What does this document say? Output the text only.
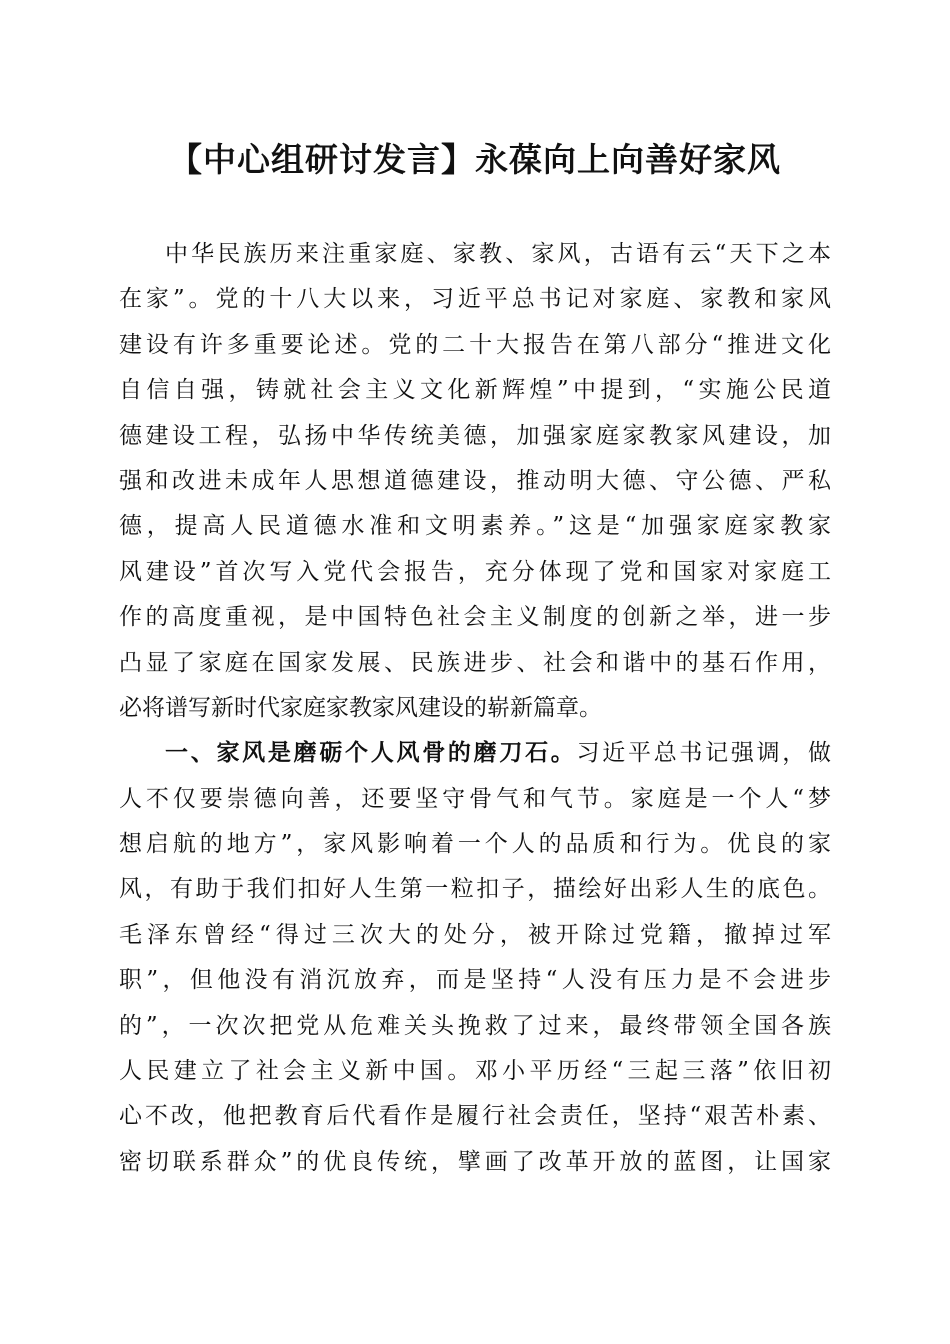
【中心组研讨发言】永葆向上向善好家风
中华民族历来注重家庭、家教、家风，古语有云“天下之本
在家”。党的十八大以来，习近平总书记对家庭、家教和家风
建设有许多重要论述。党的二十大报告在第八部分“推进文化
自信自强，铸就社会主义文化新辉煌”中提到，“实施公民道
德建设工程，弘扬中华传统美德，加强家庭家教家风建设，加
强和改进未成年人思想道德建设，推动明大德、守公德、严私
德，提高人民道德水准和文明素养。”这是“加强家庭家教家
风建设”首次写入党代会报告，充分体现了党和国家对家庭工
作的高度重视，是中国特色社会主义制度的创新之举，进一步
凸显了家庭在国家发展、民族进步、社会和谐中的基石作用，
必将谱写新时代家庭家教家风建设的崭新篇章。
一、家风是磨砺个人风骨的磨刀石。习近平总书记强调，做
人不仅要崇德向善，还要坚守骨气和气节。家庭是一个人“梦
想启航的地方”，家风影响着一个人的品质和行为。优良的家
风，有助于我们扣好人生第一粒扣子，描绘好出彩人生的底色。
毛泽东曾经“得过三次大的处分，被开除过党籍，撤掉过军
职”，但他没有消沉放弃，而是坚持“人没有压力是不会进步
的”，一次次把党从危难关头挽救了过来，最终带领全国各族
人民建立了社会主义新中国。邓小平历经“三起三落”依旧初
心不改，他把教育后代看作是履行社会责任，坚持“艰苦朴素、
密切联系群众”的优良传统，擘画了改革开放的蓝图，让国家
